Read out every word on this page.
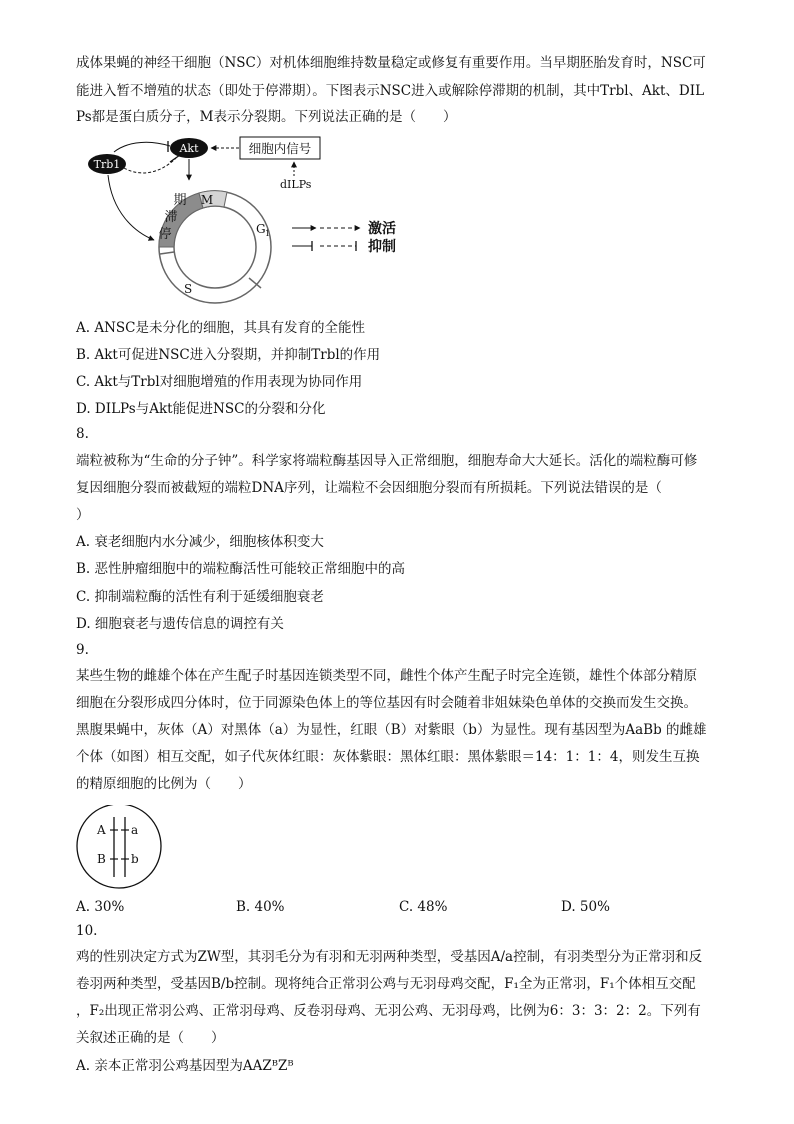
成体果蝇的神经干细胞（NSC）对机体细胞维持数量稳定或修复有重要作用。当早期胚胎发育时，NSC可
能进入暂不增殖的状态（即处于停滞期）。下图表示NSC进入或解除停滞期的机制，其中Trbl、Akt、DIL
Ps都是蛋白质分子，M表示分裂期。下列说法正确的是（　　）
Trb1
Akt	细胞内信号
dILPs
期
滞
停
M
G 1
S
激活
抑制
A. ANSC是未分化的细胞，其具有发育的全能性
B. Akt可促进NSC进入分裂期，并抑制Trbl的作用
C. Akt与Trbl对细胞增殖的作用表现为协同作用
D. DILPs与Akt能促进NSC的分裂和分化
8.
端粒被称为“生命的分子钟”。科学家将端粒酶基因导入正常细胞，细胞寿命大大延长。活化的端粒酶可修
复因细胞分裂而被截短的端粒DNA序列，让端粒不会因细胞分裂而有所损耗。下列说法错误的是（
）
A. 衰老细胞内水分减少，细胞核体积变大
B. 恶性肿瘤细胞中的端粒酶活性可能较正常细胞中的高
C. 抑制端粒酶的活性有利于延缓细胞衰老
D. 细胞衰老与遗传信息的调控有关
9.
某些生物的雌雄个体在产生配子时基因连锁类型不同，雌性个体产生配子时完全连锁，雄性个体部分精原
细胞在分裂形成四分体时，位于同源染色体上的等位基因有时会随着非姐妹染色单体的交换而发生交换。
黑腹果蝇中，灰体（A）对黑体（a）为显性，红眼（B）对紫眼（b）为显性。现有基因型为AaBb 的雌雄
个体（如图）相互交配，如子代灰体红眼：灰体紫眼：黑体红眼：黑体紫眼＝14：1：1：4，则发生互换
的精原细胞的比例为（　　）
A a
B b
A. 30%	B. 40%	C. 48%	D. 50%
10.
鸡的性别决定方式为ZW型，其羽毛分为有羽和无羽两种类型，受基因A/a控制，有羽类型分为正常羽和反
卷羽两种类型，受基因B/b控制。现将纯合正常羽公鸡与无羽母鸡交配，F₁全为正常羽，F₁个体相互交配
，F₂出现正常羽公鸡、正常羽母鸡、反卷羽母鸡、无羽公鸡、无羽母鸡，比例为6：3：3：2：2。下列有
关叙述正确的是（　　）
A. 亲本正常羽公鸡基因型为AAZᴮZᴮ
